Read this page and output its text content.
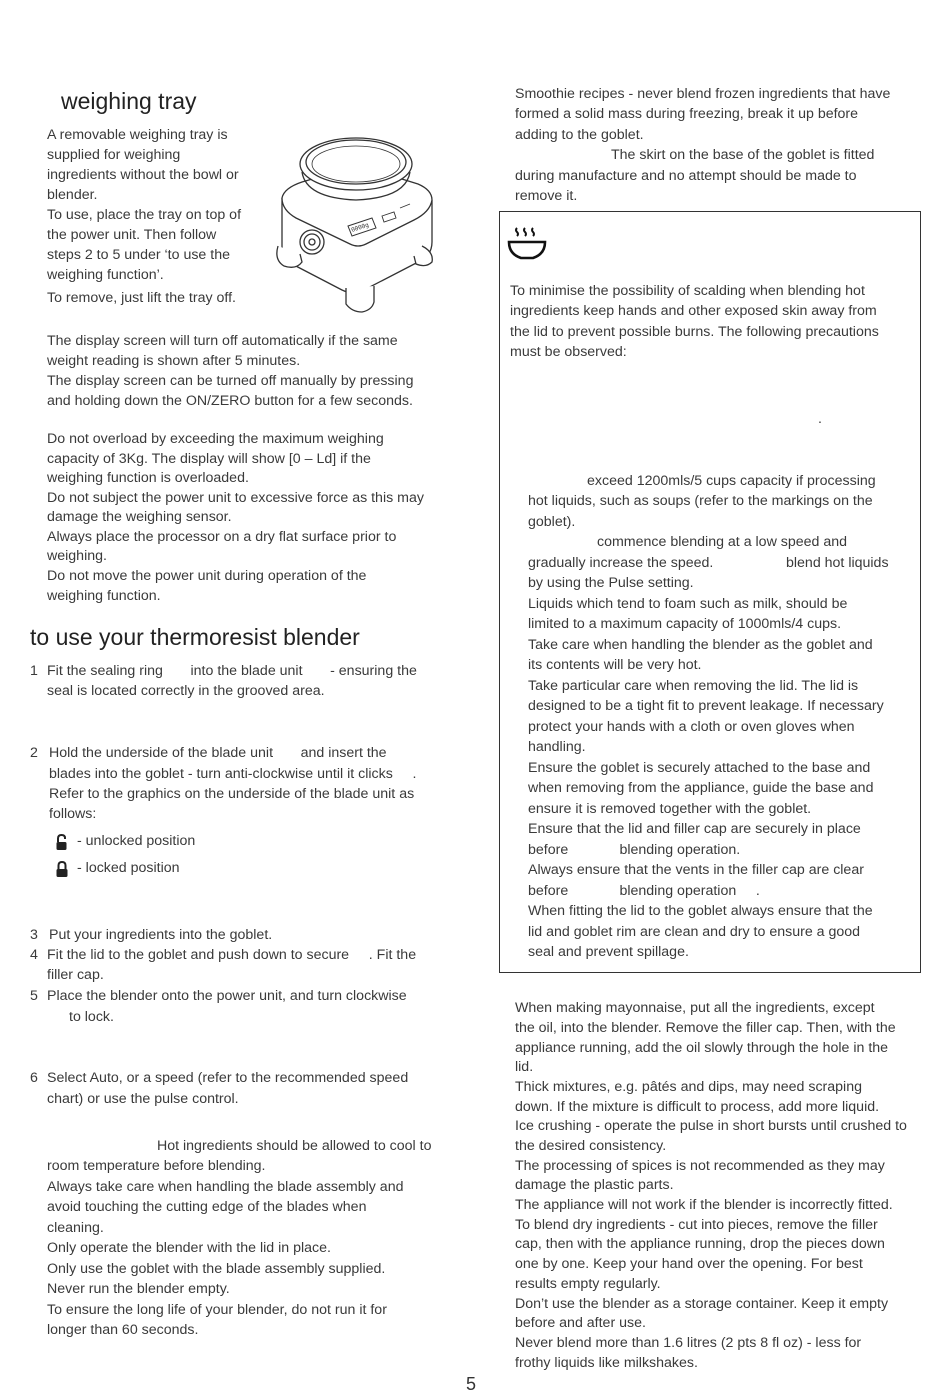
weighing tray
A removable weighing tray is
supplied for weighing
ingredients without the bowl or
blender.
To use, place the tray on top of
the power unit. Then follow
steps 2 to 5 under ‘to use the
weighing function’.
To remove, just lift the tray off.
0000g
The display screen will turn off automatically if the same
weight reading is shown after 5 minutes.
The display screen can be turned off manually by pressing
and holding down the ON/ZERO button for a few seconds.
Do not overload by exceeding the maximum weighing
capacity of 3Kg. The display will show [0 – Ld] if the
weighing function is overloaded.
Do not subject the power unit to excessive force as this may
damage the weighing sensor.
Always place the processor on a dry flat surface prior to
weighing.
Do not move the power unit during operation of the
weighing function.
to use your thermoresist blender
1 Fit the sealing ring       into the blade unit       - ensuring the
seal is located correctly in the grooved area.
2 Hold the underside of the blade unit       and insert the
blades into the goblet - turn anti-clockwise until it clicks     .
Refer to the graphics on the underside of the blade unit as
follows:
- unlocked position
- locked position
3 Put your ingredients into the goblet.
4 Fit the lid to the goblet and push down to secure     . Fit the
filler cap.
5 Place the blender onto the power unit, and turn clockwise
to lock.
6 Select Auto, or a speed (refer to the recommended speed
chart) or use the pulse control.
Hot ingredients should be allowed to cool to
room temperature before blending.
Always take care when handling the blade assembly and
avoid touching the cutting edge of the blades when
cleaning.
Only operate the blender with the lid in place.
Only use the goblet with the blade assembly supplied.
Never run the blender empty.
To ensure the long life of your blender, do not run it for
longer than 60 seconds.
Smoothie recipes - never blend frozen ingredients that have
formed a solid mass during freezing, break it up before
adding to the goblet.
The skirt on the base of the goblet is fitted
during manufacture and no attempt should be made to
remove it.
To minimise the possibility of scalding when blending hot
ingredients keep hands and other exposed skin away from
the lid to prevent possible burns. The following precautions
must be observed:
.
exceed 1200mls/5 cups capacity if processing
hot liquids, such as soups (refer to the markings on the
goblet).
commence blending at a low speed and
gradually increase the speed.	blend hot liquids
by using the Pulse setting.
Liquids which tend to foam such as milk, should be
limited to a maximum capacity of 1000mls/4 cups.
Take care when handling the blender as the goblet and
its contents will be very hot.
Take particular care when removing the lid. The lid is
designed to be a tight fit to prevent leakage. If necessary
protect your hands with a cloth or oven gloves when
handling.
Ensure the goblet is securely attached to the base and
when removing from the appliance, guide the base and
ensure it is removed together with the goblet.
Ensure that the lid and filler cap are securely in place
before             blending operation.
Always ensure that the vents in the filler cap are clear
before             blending operation     .
When fitting the lid to the goblet always ensure that the
lid and goblet rim are clean and dry to ensure a good
seal and prevent spillage.
When making mayonnaise, put all the ingredients, except
the oil, into the blender. Remove the filler cap. Then, with the
appliance running, add the oil slowly through the hole in the
lid.
Thick mixtures, e.g. pâtés and dips, may need scraping
down. If the mixture is difficult to process, add more liquid.
Ice crushing - operate the pulse in short bursts until crushed to
the desired consistency.
The processing of spices is not recommended as they may
damage the plastic parts.
The appliance will not work if the blender is incorrectly fitted.
To blend dry ingredients - cut into pieces, remove the filler
cap, then with the appliance running, drop the pieces down
one by one. Keep your hand over the opening. For best
results empty regularly.
Don’t use the blender as a storage container. Keep it empty
before and after use.
Never blend more than 1.6 litres (2 pts 8 fl oz) - less for
frothy liquids like milkshakes.
5
